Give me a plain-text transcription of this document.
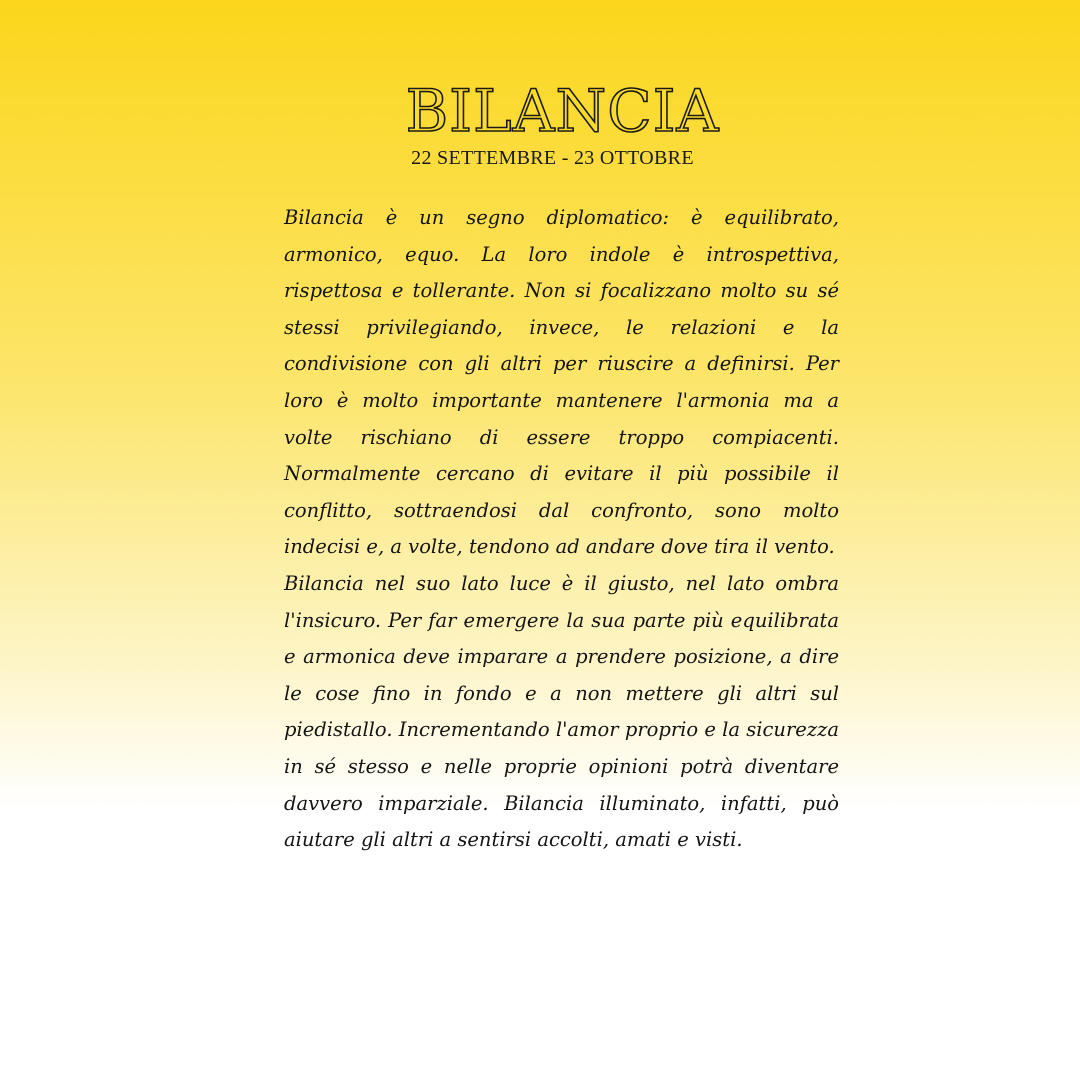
BILANCIA
22 SETTEMBRE - 23 OTTOBRE

Bilancia è un segno diplomatico: è equilibrato, armonico, equo. La loro indole è introspettiva, rispettosa e tollerante. Non si focalizzano molto su sé stessi privilegiando, invece, le relazioni e la condivisione con gli altri per riuscire a definirsi. Per loro è molto importante mantenere l'armonia ma a volte rischiano di essere troppo compiacenti. Normalmente cercano di evitare il più possibile il conflitto, sottraendosi dal confronto, sono molto indecisi e, a volte, tendono ad andare dove tira il vento.

Bilancia nel suo lato luce è il giusto, nel lato ombra l'insicuro. Per far emergere la sua parte più equilibrata e armonica deve imparare a prendere posizione, a dire le cose fino in fondo e a non mettere gli altri sul piedistallo. Incrementando l'amor proprio e la sicurezza in sé stesso e nelle proprie opinioni potrà diventare davvero imparziale. Bilancia illuminato, infatti, può aiutare gli altri a sentirsi accolti, amati e visti.
